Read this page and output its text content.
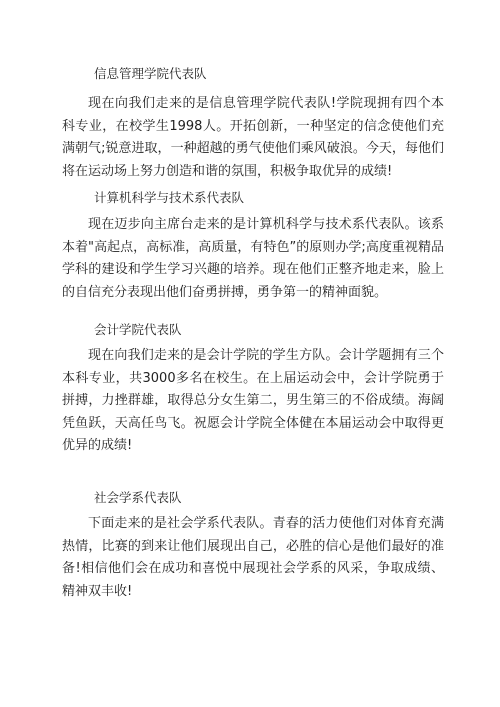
信息管理学院代表队

现在向我们走来的是信息管理学院代表队!学院现拥有四个本科专业，在校学生1998人。开拓创新，一种坚定的信念使他们充满朝气;锐意进取，一种超越的勇气使他们乘风破浪。今天，每他们将在运动场上努力创造和谐的氛围，积极争取优异的成绩!

计算机科学与技术系代表队

现在迈步向主席台走来的是计算机科学与技术系代表队。该系本着"高起点，高标准，高质量，有特色”的原则办学;高度重视精品学科的建设和学生学习兴趣的培养。现在他们正整齐地走来，脸上的自信充分表现出他们奋勇拼搏，勇争第一的精神面貌。

会计学院代表队

现在向我们走来的是会计学院的学生方队。会计学题拥有三个本科专业，共3000多名在校生。在上届运动会中，会计学院勇于拼搏，力挫群雄，取得总分女生第二，男生第三的不俗成绩。海阔凭鱼跃，天高任鸟飞。祝愿会计学院全体健在本届运动会中取得更优异的成绩!

社会学系代表队

下面走来的是社会学系代表队。青春的活力使他们对体育充满热情，比赛的到来让他们展现出自己，必胜的信心是他们最好的准备!相信他们会在成功和喜悦中展现社会学系的风采，争取成绩、精神双丰收!
